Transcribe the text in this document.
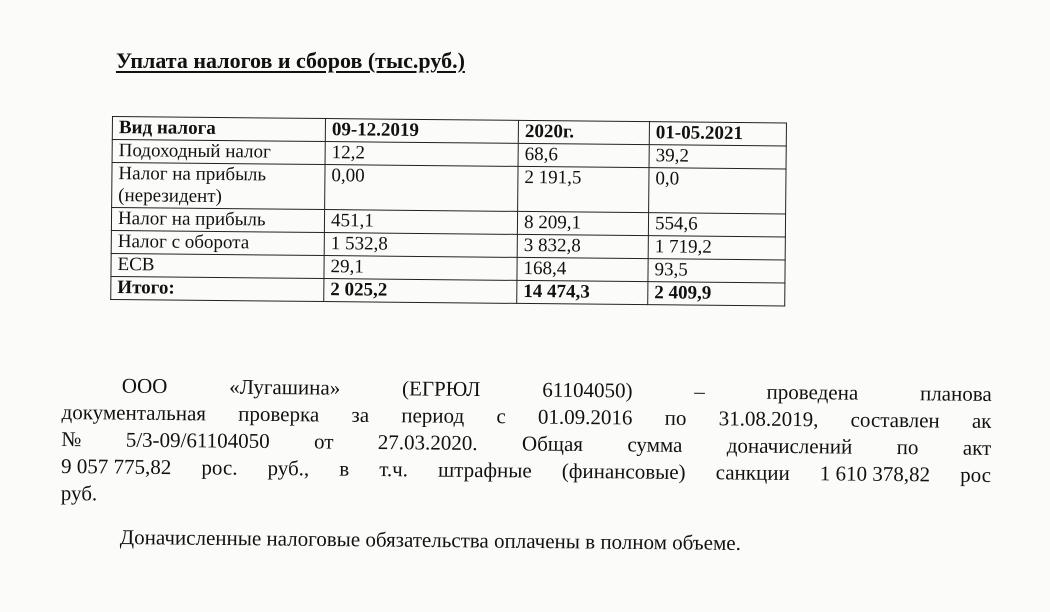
Уплата налогов и сборов (тыс.руб.)
Вид налога	09-12.2019	2020г.	01-05.2021
Подоходный налог	12,2	68,6	39,2
Налог на прибыль (нерезидент)	0,00	2 191,5	0,0
Налог на прибыль	451,1	8 209,1	554,6
Налог с оборота	1 532,8	3 832,8	1 719,2
ЕСВ	29,1	168,4	93,5
Итого:	2 025,2	14 474,3	2 409,9
ООО	«Лугашина»	(ЕГРЮЛ	61104050)	–	проведена	планова
документальная проверка за период с 01.09.2016 по 31.08.2019, составлен ак
№ 5/3-09/61104050 от 27.03.2020. Общая сумма доначислений по акт
9 057 775,82 рос. руб., в т.ч. штрафные (финансовые) санкции 1 610 378,82 рос
руб.
Доначисленные налоговые обязательства оплачены в полном объеме.
